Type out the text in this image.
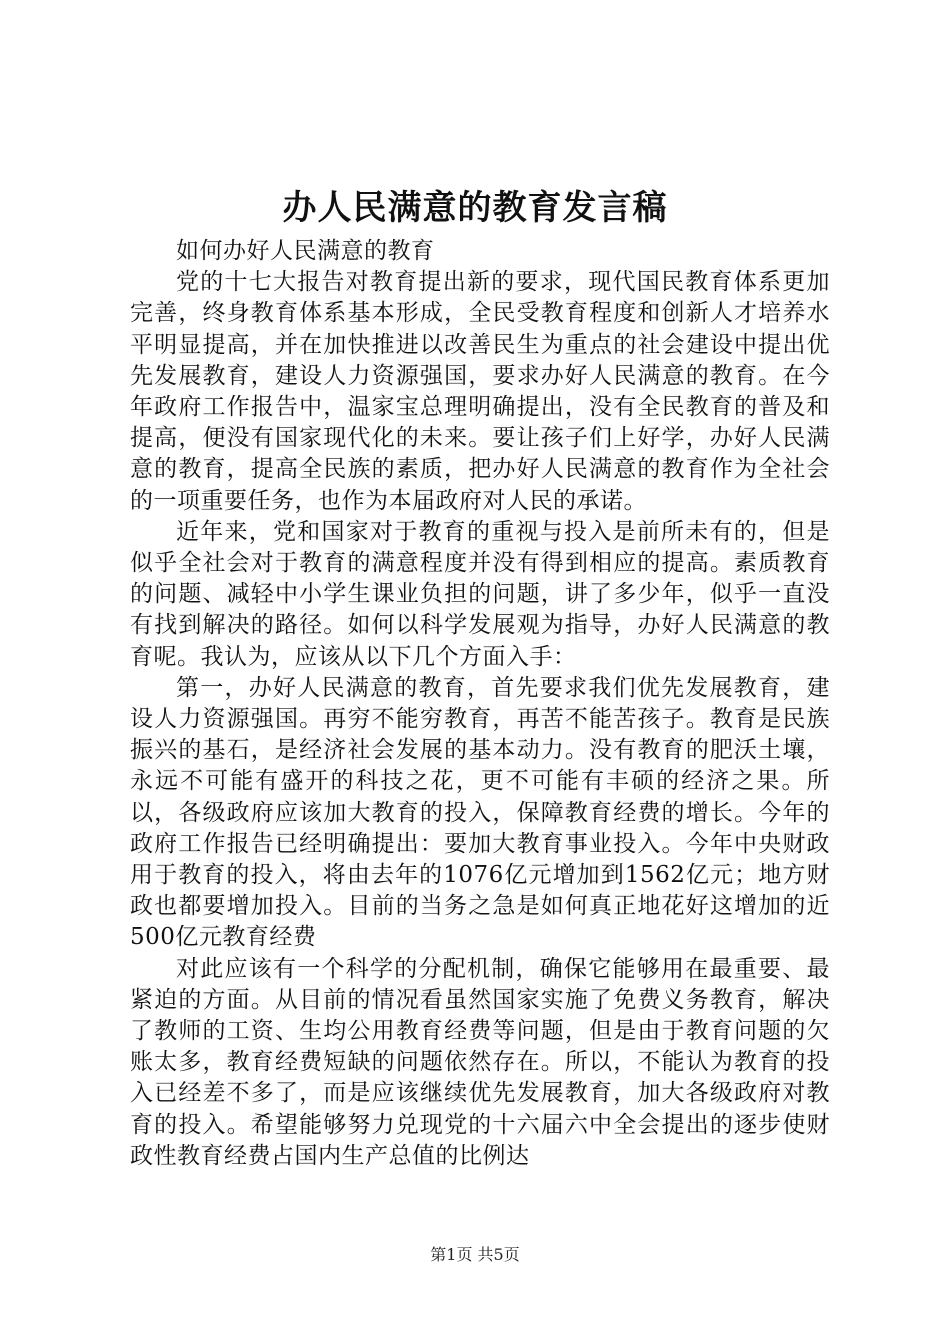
办人民满意的教育发言稿

如何办好人民满意的教育

党的十七大报告对教育提出新的要求，现代国民教育体系更加完善，终身教育体系基本形成，全民受教育程度和创新人才培养水平明显提高，并在加快推进以改善民生为重点的社会建设中提出优先发展教育，建设人力资源强国，要求办好人民满意的教育。在今年政府工作报告中，温家宝总理明确提出，没有全民教育的普及和提高，便没有国家现代化的未来。要让孩子们上好学，办好人民满意的教育，提高全民族的素质，把办好人民满意的教育作为全社会的一项重要任务，也作为本届政府对人民的承诺。

近年来，党和国家对于教育的重视与投入是前所未有的，但是似乎全社会对于教育的满意程度并没有得到相应的提高。素质教育的问题、减轻中小学生课业负担的问题，讲了多少年，似乎一直没有找到解决的路径。如何以科学发展观为指导，办好人民满意的教育呢。我认为，应该从以下几个方面入手：

第一，办好人民满意的教育，首先要求我们优先发展教育，建设人力资源强国。再穷不能穷教育，再苦不能苦孩子。教育是民族振兴的基石，是经济社会发展的基本动力。没有教育的肥沃土壤，永远不可能有盛开的科技之花，更不可能有丰硕的经济之果。所以，各级政府应该加大教育的投入，保障教育经费的增长。今年的政府工作报告已经明确提出：要加大教育事业投入。今年中央财政用于教育的投入，将由去年的1076亿元增加到1562亿元；地方财政也都要增加投入。目前的当务之急是如何真正地花好这增加的近500亿元教育经费

对此应该有一个科学的分配机制，确保它能够用在最重要、最紧迫的方面。从目前的情况看虽然国家实施了免费义务教育，解决了教师的工资、生均公用教育经费等问题，但是由于教育问题的欠账太多，教育经费短缺的问题依然存在。所以，不能认为教育的投入已经差不多了，而是应该继续优先发展教育，加大各级政府对教育的投入。希望能够努力兑现党的十六届六中全会提出的逐步使财政性教育经费占国内生产总值的比例达

第1页 共5页
